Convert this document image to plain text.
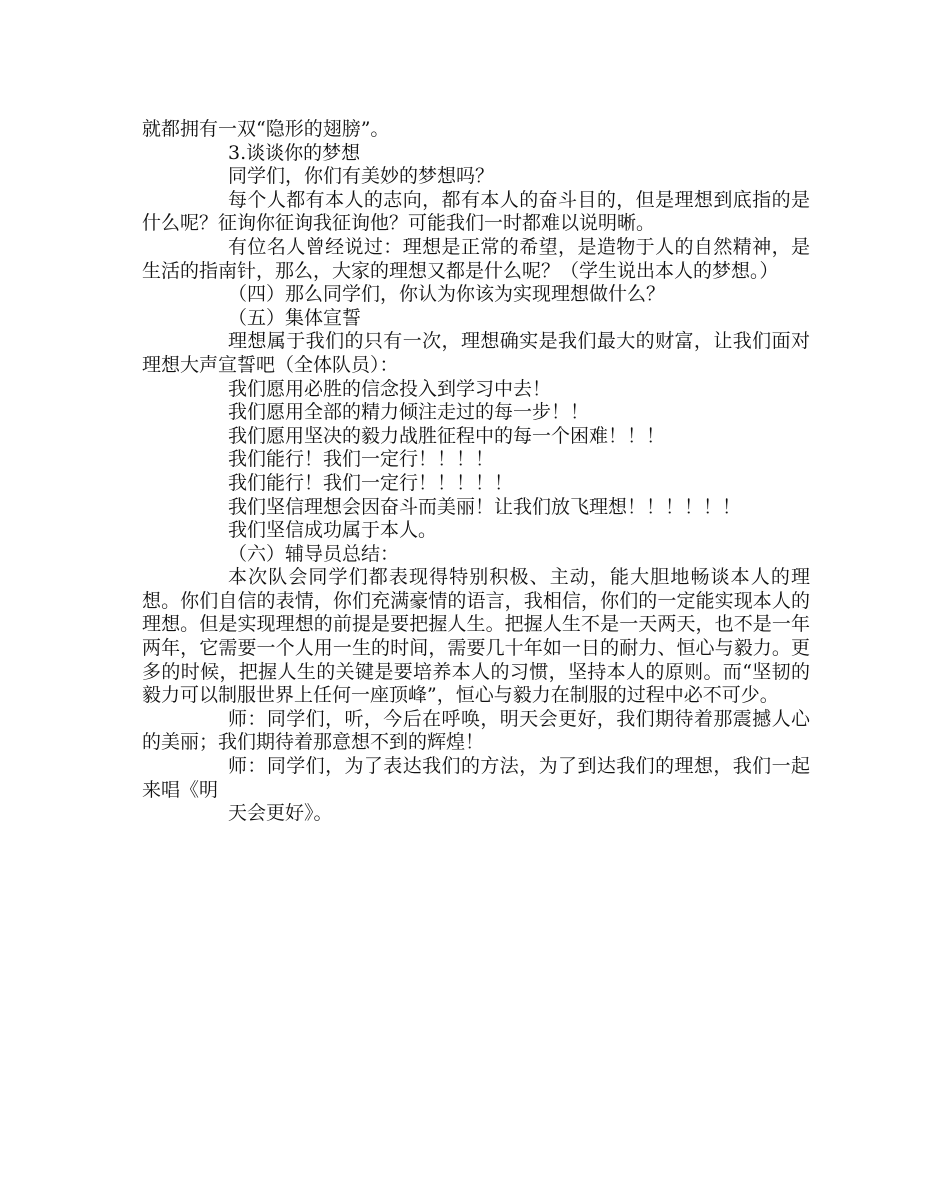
就都拥有一双“隐形的翅膀”。

3.谈谈你的梦想

同学们，你们有美妙的梦想吗？

每个人都有本人的志向，都有本人的奋斗目的，但是理想到底指的是什么呢？征询你征询我征询他？可能我们一时都难以说明晰。

有位名人曾经说过：理想是正常的希望，是造物于人的自然精神，是生活的指南针，那么，大家的理想又都是什么呢？（学生说出本人的梦想。）

（四）那么同学们，你认为你该为实现理想做什么？

（五）集体宣誓

理想属于我们的只有一次，理想确实是我们最大的财富，让我们面对理想大声宣誓吧（全体队员）：

我们愿用必胜的信念投入到学习中去！

我们愿用全部的精力倾注走过的每一步！！

我们愿用坚决的毅力战胜征程中的每一个困难！！！

我们能行！我们一定行！！！！

我们能行！我们一定行！！！！！

我们坚信理想会因奋斗而美丽！让我们放飞理想！！！！！！

我们坚信成功属于本人。

（六）辅导员总结：

本次队会同学们都表现得特别积极、主动，能大胆地畅谈本人的理想。你们自信的表情，你们充满豪情的语言，我相信，你们的一定能实现本人的理想。但是实现理想的前提是要把握人生。把握人生不是一天两天，也不是一年两年，它需要一个人用一生的时间，需要几十年如一日的耐力、恒心与毅力。更多的时候，把握人生的关键是要培养本人的习惯，坚持本人的原则。而“坚韧的毅力可以制服世界上任何一座顶峰”，恒心与毅力在制服的过程中必不可少。

师：同学们，听，今后在呼唤，明天会更好，我们期待着那震撼人心的美丽；我们期待着那意想不到的辉煌！

师：同学们，为了表达我们的方法，为了到达我们的理想，我们一起来唱《明

天会更好》。
